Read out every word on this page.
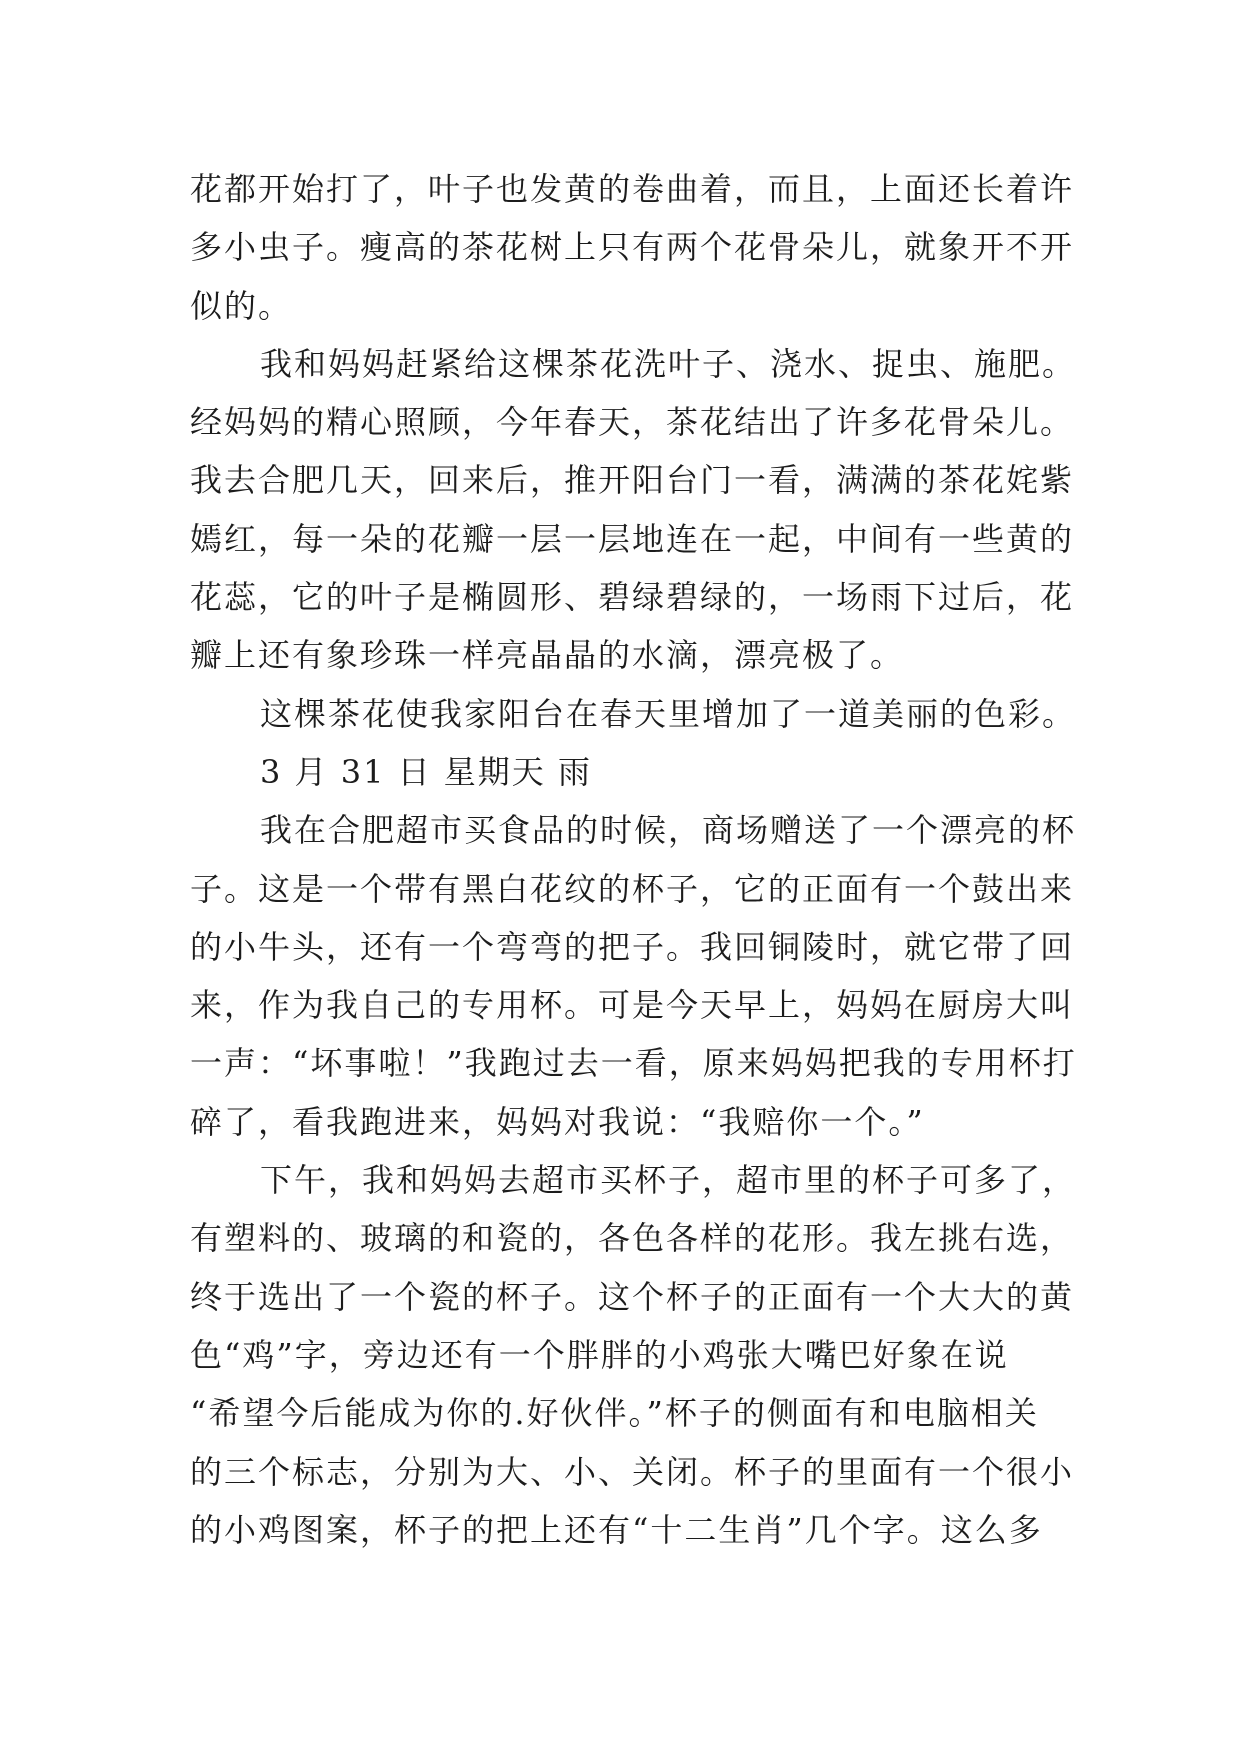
花都开始打了，叶子也发黄的卷曲着，而且，上面还长着许
多小虫子。瘦高的茶花树上只有两个花骨朵儿，就象开不开
似的。
我和妈妈赶紧给这棵茶花洗叶子、浇水、捉虫、施肥。
经妈妈的精心照顾，今年春天，茶花结出了许多花骨朵儿。
我去合肥几天，回来后，推开阳台门一看，满满的茶花姹紫
嫣红，每一朵的花瓣一层一层地连在一起，中间有一些黄的
花蕊，它的叶子是椭圆形、碧绿碧绿的，一场雨下过后，花
瓣上还有象珍珠一样亮晶晶的水滴，漂亮极了。
这棵茶花使我家阳台在春天里增加了一道美丽的色彩。
3 月 31 日 星期天 雨
我在合肥超市买食品的时候，商场赠送了一个漂亮的杯
子。这是一个带有黑白花纹的杯子，它的正面有一个鼓出来
的小牛头，还有一个弯弯的把子。我回铜陵时，就它带了回
来，作为我自己的专用杯。可是今天早上，妈妈在厨房大叫
一声：“坏事啦！”我跑过去一看，原来妈妈把我的专用杯打
碎了，看我跑进来，妈妈对我说：“我赔你一个。”
下午，我和妈妈去超市买杯子，超市里的杯子可多了，
有塑料的、玻璃的和瓷的，各色各样的花形。我左挑右选，
终于选出了一个瓷的杯子。这个杯子的正面有一个大大的黄
色“鸡”字，旁边还有一个胖胖的小鸡张大嘴巴好象在说
“希望今后能成为你的.好伙伴。”杯子的侧面有和电脑相关
的三个标志，分别为大、小、关闭。杯子的里面有一个很小
的小鸡图案，杯子的把上还有“十二生肖”几个字。这么多
